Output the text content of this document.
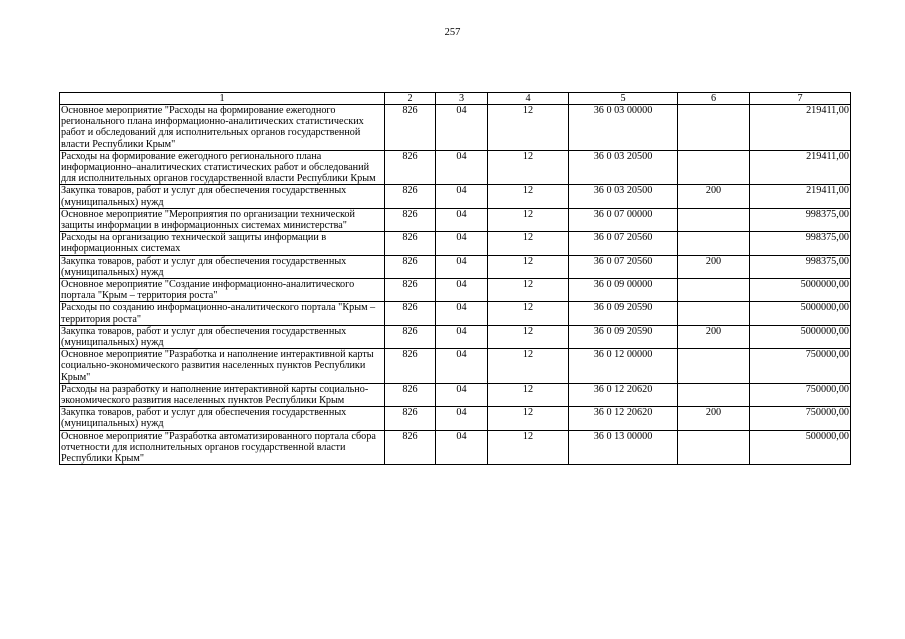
257
1	2	3	4	5	6	7
Основное мероприятие "Расходы на формирование ежегодного регионального плана информационно-аналитических статистических работ и обследований для исполнительных органов государственной власти Республики Крым"	826	04	12	36 0 03 00000		219411,00
Расходы на формирование ежегодного регионального плана информационно–аналитических статистических работ и обследований для исполнительных органов государственной власти Республики Крым	826	04	12	36 0 03 20500		219411,00
Закупка товаров, работ и услуг для обеспечения государственных (муниципальных) нужд	826	04	12	36 0 03 20500	200	219411,00
Основное мероприятие "Мероприятия по организации технической защиты информации в информационных системах министерства"	826	04	12	36 0 07 00000		998375,00
Расходы на организацию технической защиты информации в информационных системах	826	04	12	36 0 07 20560		998375,00
Закупка товаров, работ и услуг для обеспечения государственных (муниципальных) нужд	826	04	12	36 0 07 20560	200	998375,00
Основное мероприятие "Создание информационно-аналитического портала "Крым – территория роста"	826	04	12	36 0 09 00000		5000000,00
Расходы по созданию информационно-аналитического портала "Крым – территория роста"	826	04	12	36 0 09 20590		5000000,00
Закупка товаров, работ и услуг для обеспечения государственных (муниципальных) нужд	826	04	12	36 0 09 20590	200	5000000,00
Основное мероприятие "Разработка и наполнение интерактивной карты социально-экономического развития населенных пунктов Республики Крым"	826	04	12	36 0 12 00000		750000,00
Расходы на разработку и наполнение интерактивной карты социально-экономического развития населенных пунктов Республики Крым	826	04	12	36 0 12 20620		750000,00
Закупка товаров, работ и услуг для обеспечения государственных (муниципальных) нужд	826	04	12	36 0 12 20620	200	750000,00
Основное мероприятие "Разработка автоматизированного портала сбора отчетности для исполнительных органов государственной власти Республики Крым"	826	04	12	36 0 13 00000		500000,00
